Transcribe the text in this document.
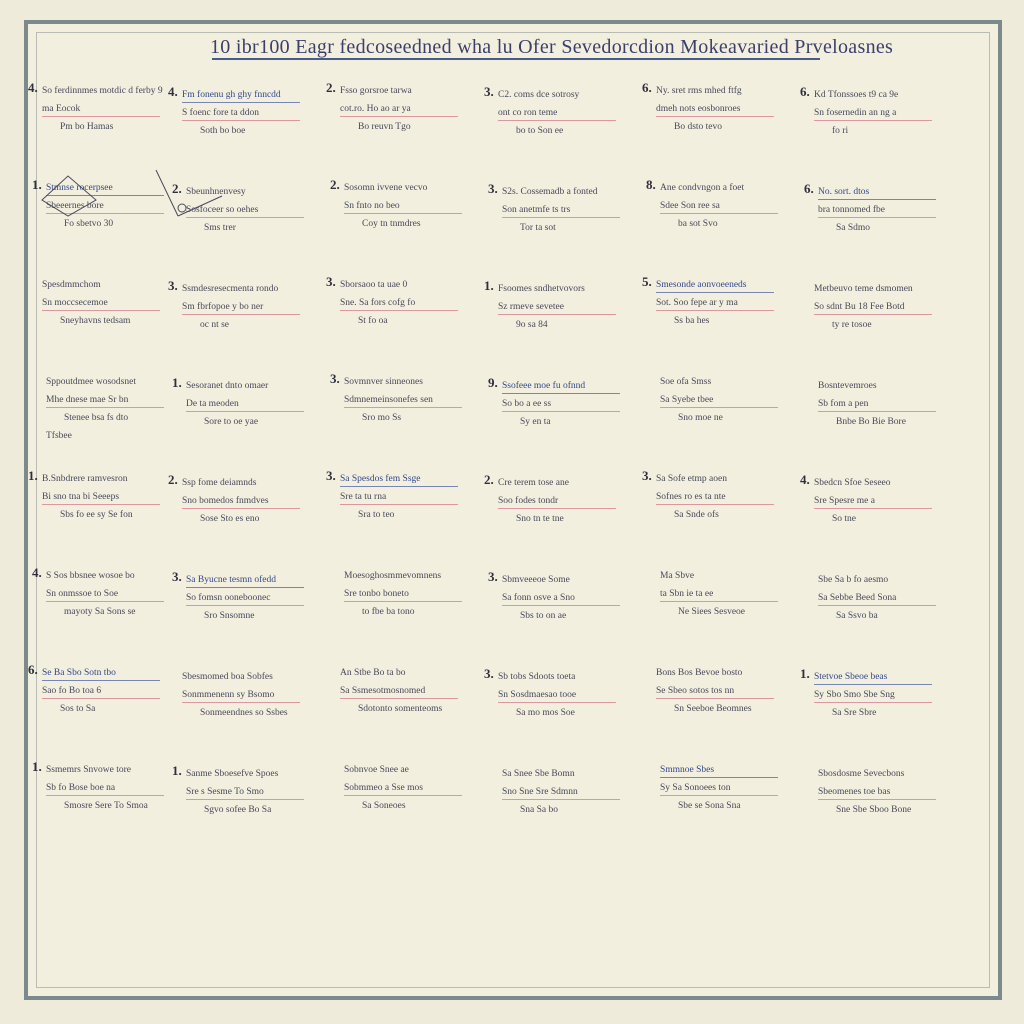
10 ibr100 Eagr fedcoseedned wha lu Ofer Sevedorcdion Mokeavaried Prveloasnes
4. So ferdinnmes motdic d ferby 9
ma Eocok
Pm bo Hamas
4. Fm fonenu gh ghy fnncdd
S foenc fore ta ddon
Soth bo boe
2. Fsso gorsroe tarwa
cot.ro. Ho ao ar ya
Bo reuvn Tgo
3. C2. coms dce sotrosy
ont co ron teme
bo to Son ee
6. Ny. sret rms mhed ftfg
dmeh nots eosbonroes
Bo dsto tevo
6. Kd Tfonssoes t9 ca 9e
Sn fosernedin an ng a
fo ri
1. Stmnse rocerpsee
Sbeeernes bore
Fo sbetvo 30
2. Sbeunhnenvesy
Sosfoceer so oehes
Sms trer
2. Sosomn ivvene vecvo
Sn fnto no beo
Coy tn tnmdres
3. S2s. Cossemadb a fonted
Son anetmfe ts trs
Tor ta sot
8. Ane condvngon a foet
Sdee Son ree sa
ba sot Svo
6. No. sort. dtos
bra tonnomed fbe
Sa Sdmo
Spesdmmchom
Sn moccsecemoe
Sneyhavns tedsam
3. Ssmdesresecmenta rondo
Sm fbrfopoe y bo ner
oc nt se
3. Sborsaoo ta uae 0
Sne. Sa fors cofg fo
St fo oa
1. Fsoomes sndhetvovors
Sz rmeve sevetee
9o sa 84
5. Smesonde aonvoeeneds
Sot. Soo fepe ar y ma
Ss ba hes
Metbeuvo teme dsmomen
So sdnt Bu 18 Fee Botd
ty re tosoe
Sppoutdmee wosodsnet
Mhe dnese mae Sr bn
Stenee bsa fs dto
Tfsbee
1. Sesoranet dnto omaer
De ta meoden
Sore to oe yae
3. Sovmnver sinneones
Sdmnemeinsonefes sen
Sro mo Ss
9. Ssofeee moe fu ofnnd
So bo a ee ss
Sy en ta
Soe ofa Smss
Sa Syebe tbee
Sno moe ne
Bosntevemroes
Sb fom a pen
Bnbe Bo Bie Bore
1. B.Snbdrere ramvesron
Bi sno tna bi Seeeps
Sbs fo ee sy Se fon
2. Ssp fome deiamnds
Sno bomedos fnmdves
Sose Sto es eno
3. Sa Spesdos fem Ssge
Sre ta tu rna
Sra to teo
2. Cre terem tose ane
Soo fodes tondr
Sno tn te tne
3. Sa Sofe etmp aoen
Sofnes ro es ta nte
Sa Snde ofs
4. Sbedcn Sfoe Seseeo
Sre Spesre me a
So tne
4. S Sos bbsnee wosoe bo
Sn onmssoe to Soe
mayoty Sa Sons se
3. Sa Byucne tesmn ofedd
So fomsn ooneboonec
Sro Snsomne
Moesoghosmmevomnens
Sre tonbo boneto
to fbe ba tono
3. Sbmveeeoe Some
Sa fonn osve a Sno
Sbs to on ae
Ma Sbve
ta Sbn ie ta ee
Ne Siees Sesveoe
Sbe Sa b fo aesmo
Sa Sebbe Beed Sona
Sa Ssvo ba
6. Se Ba Sbo Sotn tbo
Sao fo Bo toa 6
Sos to Sa
Sbesmomed boa Sobfes
Sonmmenenn sy Bsomo
Sonmeendnes so Ssbes
An Stbe Bo ta bo
Sa Ssmesotmosnomed
Sdotonto somenteoms
3. Sb tobs Sdoots toeta
Sn Sosdmaesao tooe
Sa mo mos Soe
Bons Bos Bevoe bosto
Se Sbeo sotos tos nn
Sn Seeboe Beomnes
1. Stetvoe Sbeoe beas
Sy Sbo Smo Sbe Sng
Sa Sre Sbre
1. Ssmemrs Snvowe tore
Sb fo Bose boe na
Smosre Sere To Smoa
1. Sanme Sboesefve Spoes
Sre s Sesme To Smo
Sgvo sofee Bo Sa
Sobnvoe Snee ae
Sobmmeo a Sse mos
Sa Soneoes
Sa Snee Sbe Bomn
Sno Sne Sre Sdmnn
Sna Sa bo
Smmnoe Sbes
Sy Sa Sonoees ton
Sbe se Sona Sna
Sbosdosme Sevecbons
Sbeomenes toe bas
Sne Sbe Sboo Bone
